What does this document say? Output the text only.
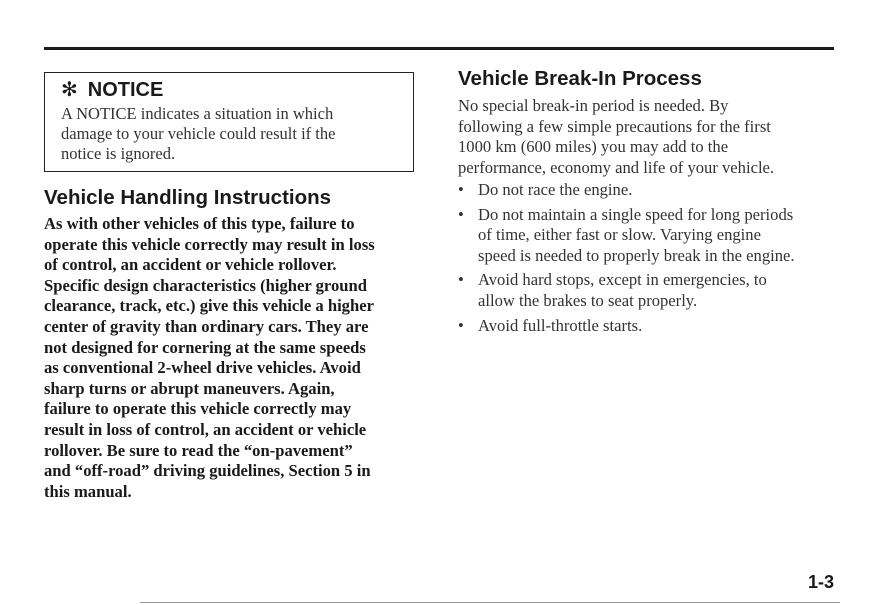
✻ NOTICE
A NOTICE indicates a situation in which
damage to your vehicle could result if the
notice is ignored.
Vehicle Handling Instructions
As with other vehicles of this type, failure to
operate this vehicle correctly may result in loss
of control, an accident or vehicle rollover.
Specific design characteristics (higher ground
clearance, track, etc.) give this vehicle a higher
center of gravity than ordinary cars. They are
not designed for cornering at the same speeds
as conventional 2-wheel drive vehicles. Avoid
sharp turns or abrupt maneuvers. Again,
failure to operate this vehicle correctly may
result in loss of control, an accident or vehicle
rollover. Be sure to read the “on-pavement”
and “off-road” driving guidelines, Section 5 in
this manual.
Vehicle Break-In Process
No special break-in period is needed. By
following a few simple precautions for the first
1000 km (600 miles) you may add to the
performance, economy and life of your vehicle.
• Do not race the engine.
• Do not maintain a single speed for long periods
of time, either fast or slow. Varying engine
speed is needed to properly break in the engine.
• Avoid hard stops, except in emergencies, to
allow the brakes to seat properly.
• Avoid full-throttle starts.
1-3
